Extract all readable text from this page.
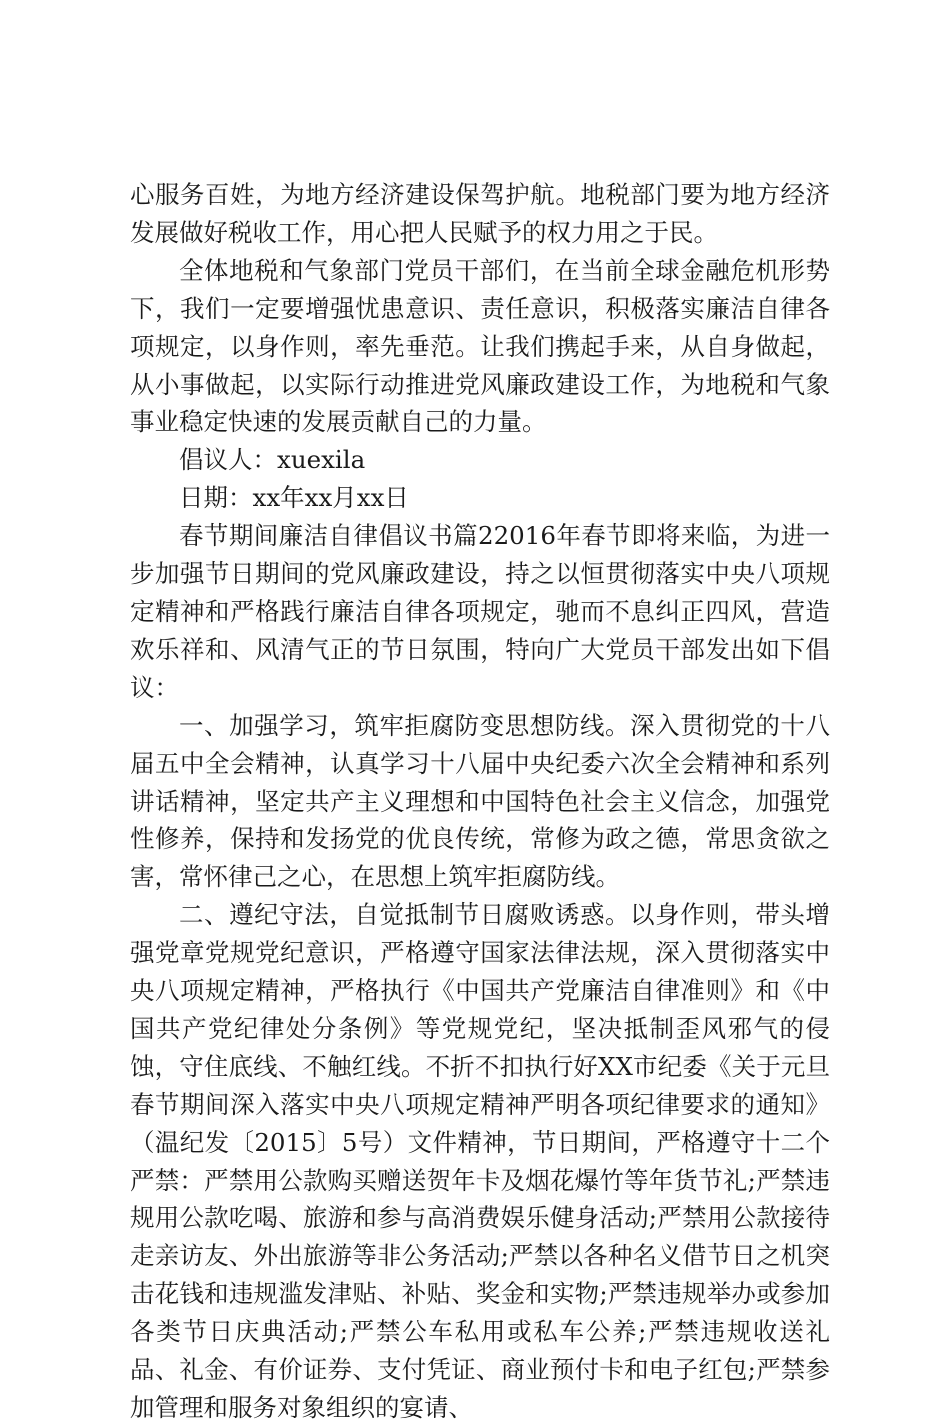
心服务百姓，为地方经济建设保驾护航。地税部门要为地方经济发展做好税收工作，用心把人民赋予的权力用之于民。

全体地税和气象部门党员干部们，在当前全球金融危机形势下，我们一定要增强忧患意识、责任意识，积极落实廉洁自律各项规定，以身作则，率先垂范。让我们携起手来，从自身做起，从小事做起，以实际行动推进党风廉政建设工作，为地税和气象事业稳定快速的发展贡献自己的力量。

倡议人：xuexila

日期：xx年xx月xx日

春节期间廉洁自律倡议书篇22016年春节即将来临，为进一步加强节日期间的党风廉政建设，持之以恒贯彻落实中央八项规定精神和严格践行廉洁自律各项规定，驰而不息纠正四风，营造欢乐祥和、风清气正的节日氛围，特向广大党员干部发出如下倡议：

一、加强学习，筑牢拒腐防变思想防线。深入贯彻党的十八届五中全会精神，认真学习十八届中央纪委六次全会精神和系列讲话精神，坚定共产主义理想和中国特色社会主义信念，加强党性修养，保持和发扬党的优良传统，常修为政之德，常思贪欲之害，常怀律己之心，在思想上筑牢拒腐防线。

二、遵纪守法，自觉抵制节日腐败诱惑。以身作则，带头增强党章党规党纪意识，严格遵守国家法律法规，深入贯彻落实中央八项规定精神，严格执行《中国共产党廉洁自律准则》和《中国共产党纪律处分条例》等党规党纪，坚决抵制歪风邪气的侵蚀，守住底线、不触红线。不折不扣执行好XX市纪委《关于元旦春节期间深入落实中央八项规定精神严明各项纪律要求的通知》（温纪发〔2015〕5号）文件精神，节日期间，严格遵守十二个严禁：严禁用公款购买赠送贺年卡及烟花爆竹等年货节礼;严禁违规用公款吃喝、旅游和参与高消费娱乐健身活动;严禁用公款接待走亲访友、外出旅游等非公务活动;严禁以各种名义借节日之机突击花钱和违规滥发津贴、补贴、奖金和实物;严禁违规举办或参加各类节日庆典活动;严禁公车私用或私车公养;严禁违规收送礼品、礼金、有价证券、支付凭证、商业预付卡和电子红包;严禁参加管理和服务对象组织的宴请、
